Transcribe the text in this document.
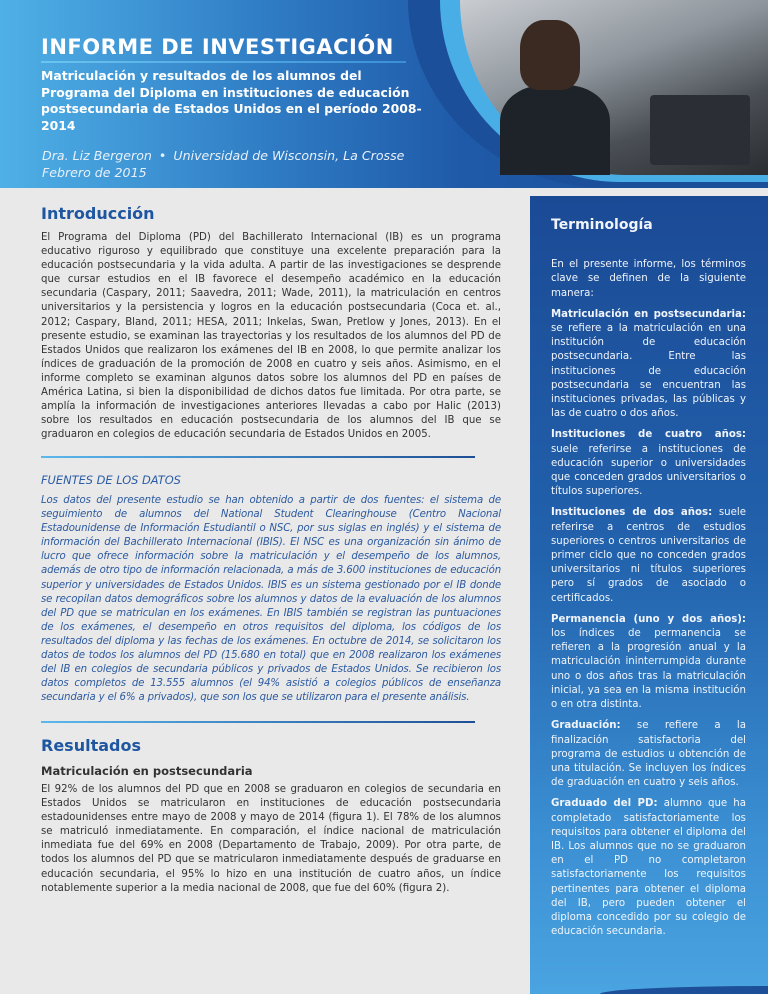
INFORME DE INVESTIGACIÓN
Matriculación y resultados de los alumnos del Programa del Diploma en instituciones de educación postsecundaria de Estados Unidos en el período 2008-2014
Dra. Liz Bergeron • Universidad de Wisconsin, La Crosse
Febrero de 2015
Introducción
El Programa del Diploma (PD) del Bachillerato Internacional (IB) es un programa educativo riguroso y equilibrado que constituye una excelente preparación para la educación postsecundaria y la vida adulta. A partir de las investigaciones se desprende que cursar estudios en el IB favorece el desempeño académico en la educación secundaria (Caspary, 2011; Saavedra, 2011; Wade, 2011), la matriculación en centros universitarios y la persistencia y logros en la educación postsecundaria (Coca et. al., 2012; Caspary, Bland, 2011; HESA, 2011; Inkelas, Swan, Pretlow y Jones, 2013). En el presente estudio, se examinan las trayectorias y los resultados de los alumnos del PD de Estados Unidos que realizaron los exámenes del IB en 2008, lo que permite analizar los índices de graduación de la promoción de 2008 en cuatro y seis años. Asimismo, en el informe completo se examinan algunos datos sobre los alumnos del PD en países de América Latina, si bien la disponibilidad de dichos datos fue limitada. Por otra parte, se amplía la información de investigaciones anteriores llevadas a cabo por Halic (2013) sobre los resultados en educación postsecundaria de los alumnos del IB que se graduaron en colegios de educación secundaria de Estados Unidos en 2005.
FUENTES DE LOS DATOS
Los datos del presente estudio se han obtenido a partir de dos fuentes: el sistema de seguimiento de alumnos del National Student Clearinghouse (Centro Nacional Estadounidense de Información Estudiantil o NSC, por sus siglas en inglés) y el sistema de información del Bachillerato Internacional (IBIS). El NSC es una organización sin ánimo de lucro que ofrece información sobre la matriculación y el desempeño de los alumnos, además de otro tipo de información relacionada, a más de 3.600 instituciones de educación superior y universidades de Estados Unidos. IBIS es un sistema gestionado por el IB donde se recopilan datos demográficos sobre los alumnos y datos de la evaluación de los alumnos del PD que se matriculan en los exámenes. En IBIS también se registran las puntuaciones de los exámenes, el desempeño en otros requisitos del diploma, los códigos de los resultados del diploma y las fechas de los exámenes. En octubre de 2014, se solicitaron los datos de todos los alumnos del PD (15.680 en total) que en 2008 realizaron los exámenes del IB en colegios de secundaria públicos y privados de Estados Unidos. Se recibieron los datos completos de 13.555 alumnos (el 94% asistió a colegios públicos de enseñanza secundaria y el 6% a privados), que son los que se utilizaron para el presente análisis.
Resultados
Matriculación en postsecundaria
El 92% de los alumnos del PD que en 2008 se graduaron en colegios de secundaria en Estados Unidos se matricularon en instituciones de educación postsecundaria estadounidenses entre mayo de 2008 y mayo de 2014 (figura 1). El 78% de los alumnos se matriculó inmediatamente. En comparación, el índice nacional de matriculación inmediata fue del 69% en 2008 (Departamento de Trabajo, 2009). Por otra parte, de todos los alumnos del PD que se matricularon inmediatamente después de graduarse en educación secundaria, el 95% lo hizo en una institución de cuatro años, un índice notablemente superior a la media nacional de 2008, que fue del 60% (figura 2).
Terminología

En el presente informe, los términos clave se definen de la siguiente manera:

Matriculación en postsecundaria: se refiere a la matriculación en una institución de educación postsecundaria. Entre las instituciones de educación postsecundaria se encuentran las instituciones privadas, las públicas y las de cuatro o dos años.

Instituciones de cuatro años: suele referirse a instituciones de educación superior o universidades que conceden grados universitarios o títulos superiores.

Instituciones de dos años: suele referirse a centros de estudios superiores o centros universitarios de primer ciclo que no conceden grados universitarios ni títulos superiores pero sí grados de asociado o certificados.

Permanencia (uno y dos años): los índices de permanencia se refieren a la progresión anual y la matriculación ininterrumpida durante uno o dos años tras la matriculación inicial, ya sea en la misma institución o en otra distinta.

Graduación: se refiere a la finalización satisfactoria del programa de estudios u obtención de una titulación. Se incluyen los índices de graduación en cuatro y seis años.

Graduado del PD: alumno que ha completado satisfactoriamente los requisitos para obtener el diploma del IB. Los alumnos que no se graduaron en el PD no completaron satisfactoriamente los requisitos pertinentes para obtener el diploma del IB, pero pueden obtener el diploma concedido por su colegio de educación secundaria.
